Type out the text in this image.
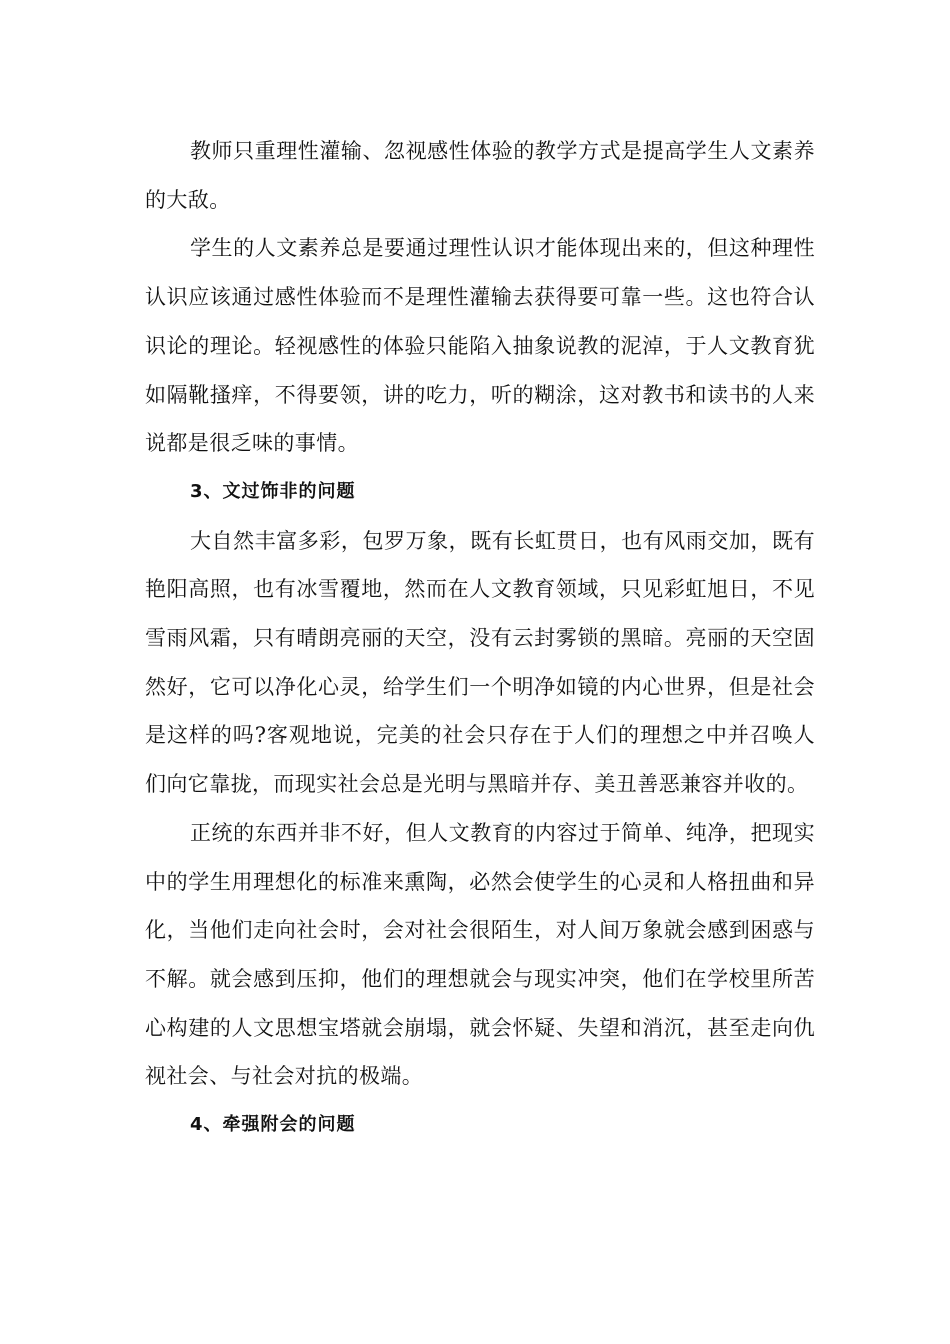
教师只重理性灌输、忽视感性体验的教学方式是提高学生人文素养的大敌。

学生的人文素养总是要通过理性认识才能体现出来的，但这种理性认识应该通过感性体验而不是理性灌输去获得要可靠一些。这也符合认识论的理论。轻视感性的体验只能陷入抽象说教的泥淖，于人文教育犹如隔靴搔痒，不得要领，讲的吃力，听的糊涂，这对教书和读书的人来说都是很乏味的事情。

3、文过饰非的问题

大自然丰富多彩，包罗万象，既有长虹贯日，也有风雨交加，既有艳阳高照，也有冰雪覆地，然而在人文教育领域，只见彩虹旭日，不见雪雨风霜，只有晴朗亮丽的天空，没有云封雾锁的黑暗。亮丽的天空固然好，它可以净化心灵，给学生们一个明净如镜的内心世界，但是社会是这样的吗?客观地说，完美的社会只存在于人们的理想之中并召唤人们向它靠拢，而现实社会总是光明与黑暗并存、美丑善恶兼容并收的。

正统的东西并非不好，但人文教育的内容过于简单、纯净，把现实中的学生用理想化的标准来熏陶，必然会使学生的心灵和人格扭曲和异化，当他们走向社会时，会对社会很陌生，对人间万象就会感到困惑与不解。就会感到压抑，他们的理想就会与现实冲突，他们在学校里所苦心构建的人文思想宝塔就会崩塌，就会怀疑、失望和消沉，甚至走向仇视社会、与社会对抗的极端。

4、牵强附会的问题
